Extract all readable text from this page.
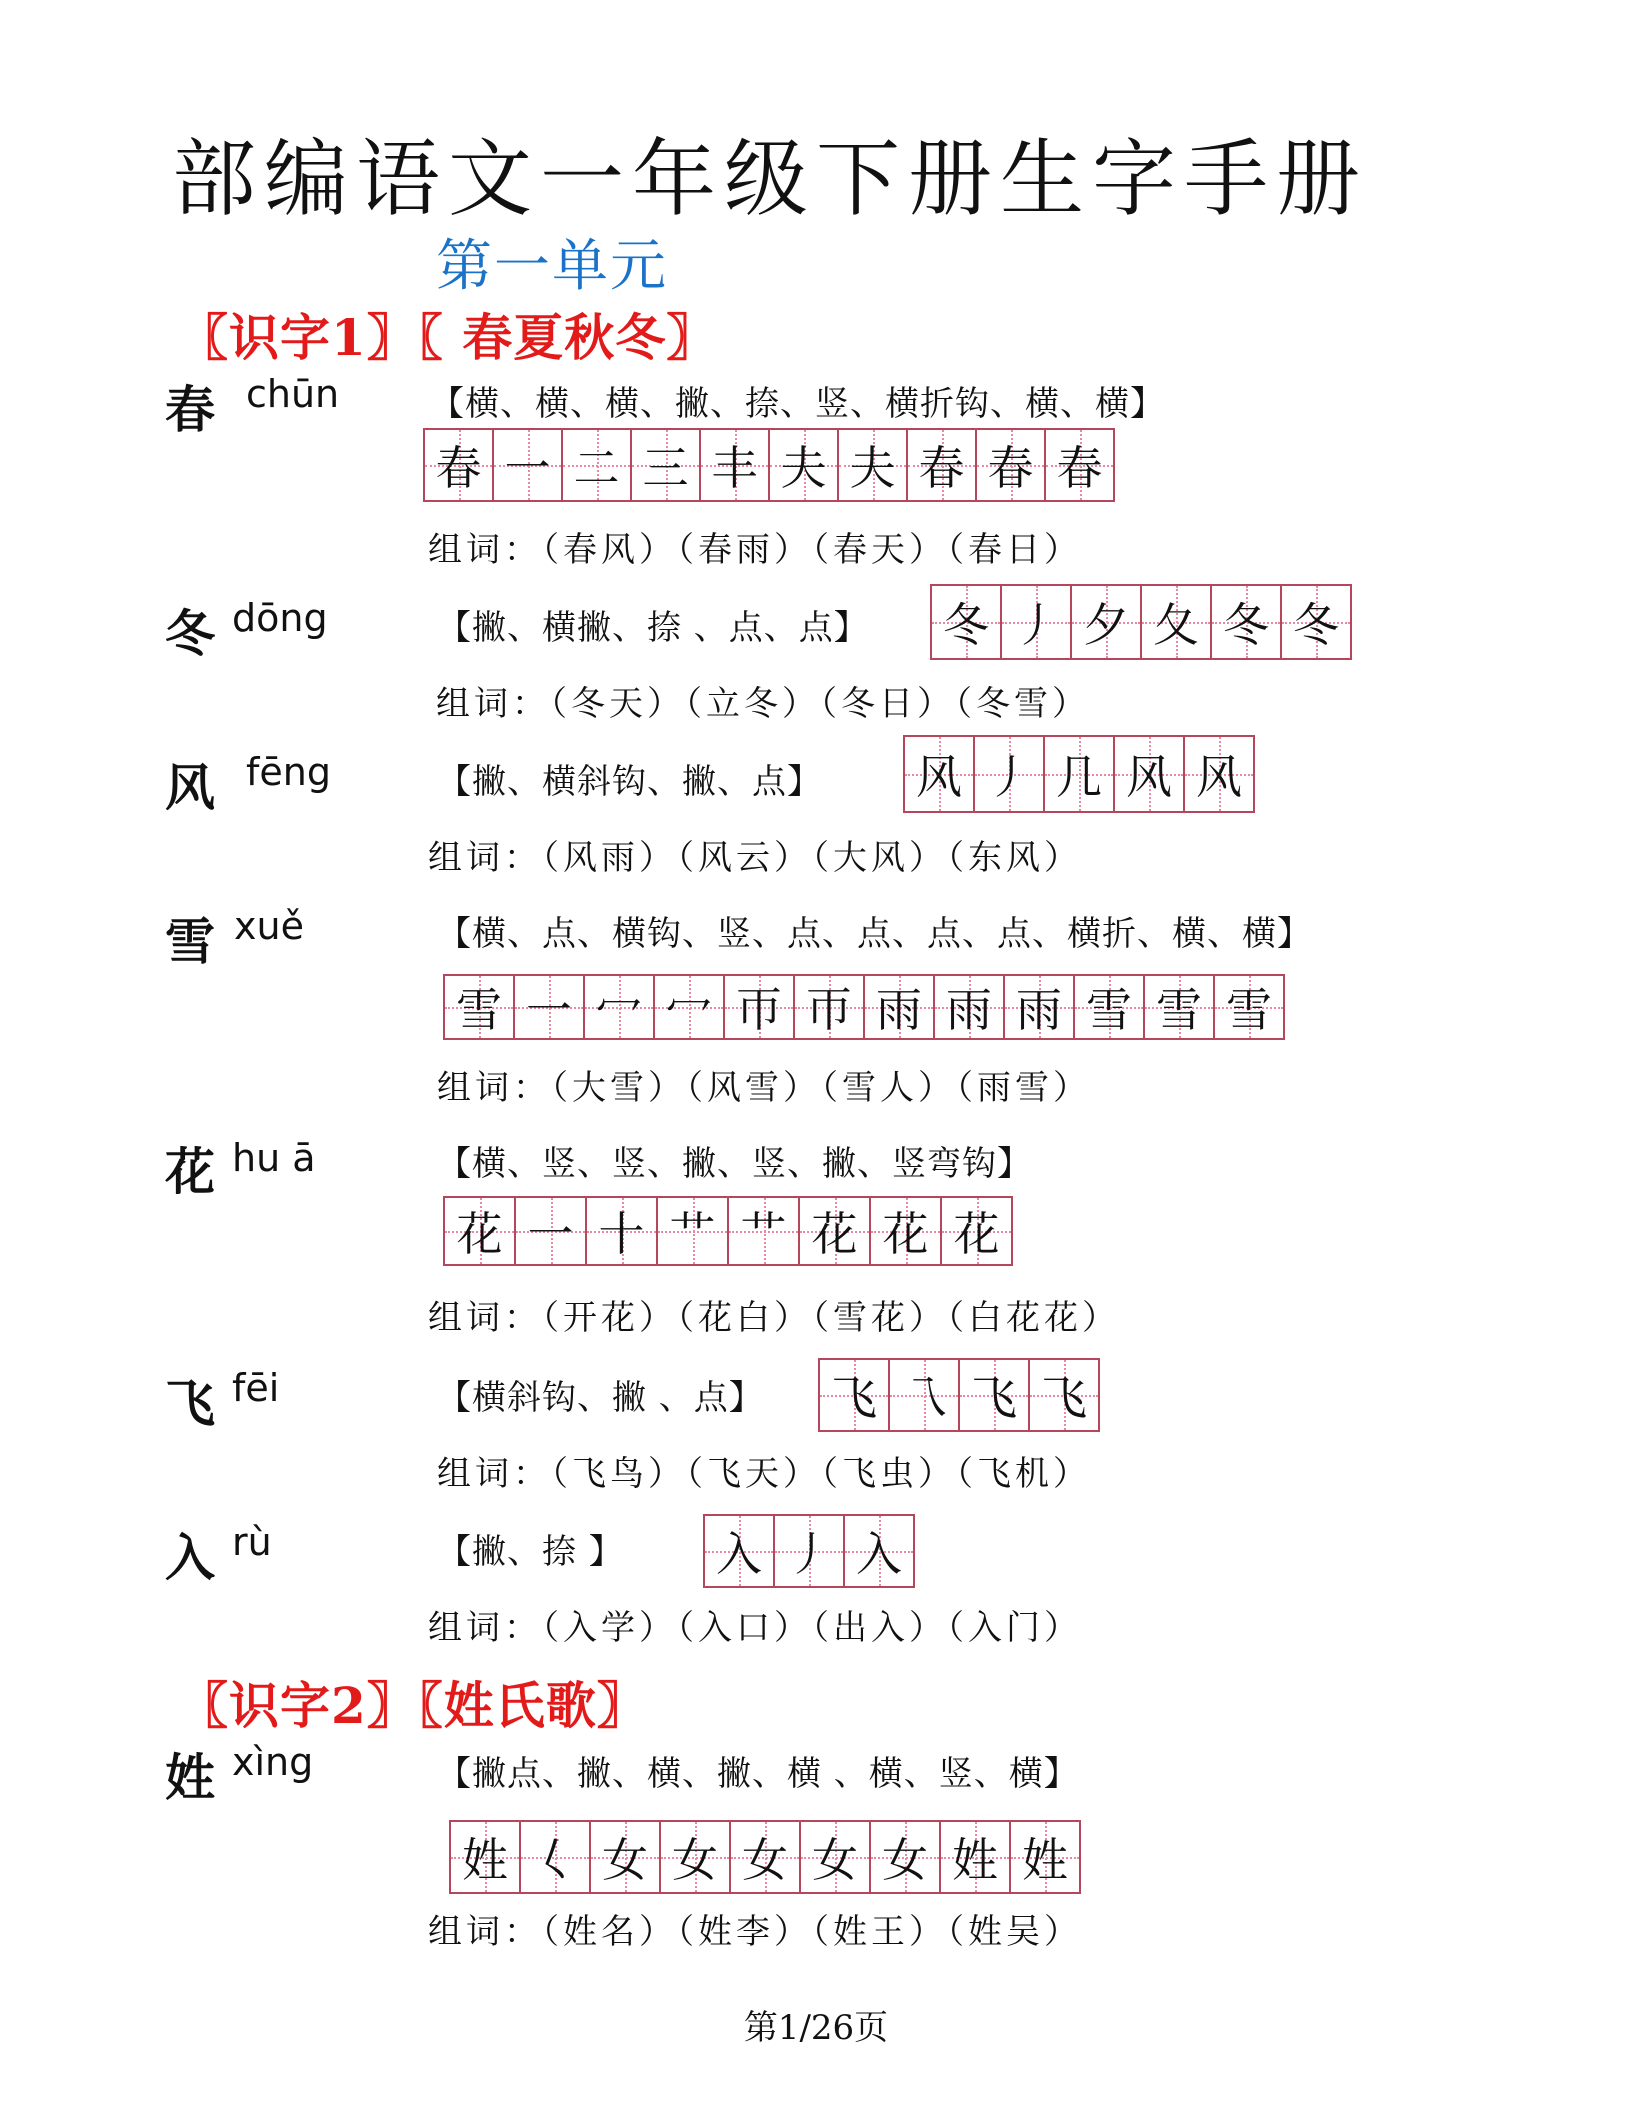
部编语文一年级下册生字手册
第一单元
〖识字1〗〖 春夏秋冬〗
春 chūn	【横、横、横、撇、捺、竖、横折钩、横、横】
春 一 二 三 丰 夫 夫 春 春 春
组词：（春风）（春雨）（春天）（春日）
冬 dōng	【撇、横撇、捺 、点、点】 冬 丿 夕 夂 冬 冬
组词：（冬天）（立冬）（冬日）（冬雪）
风 fēng	【撇、横斜钩、撇、点】 风 丿 几 风 风
组词：（风雨）（风云）（大风）（东风）
雪 xuě	【横、点、横钩、竖、点、点、点、点、横折、横、横】
雪 一 冖 冖 帀 帀 雨 雨 雨 雪 雪 雪
组词：（大雪）（风雪）（雪人）（雨雪）
花 hu ā	【横、竖、竖、撇、竖、撇、竖弯钩】
花 一 十 艹 艹 花 花 花
组词：（开花）（花白）（雪花）（白花花）
飞 fēi	【横斜钩、撇 、点】 飞 乁 飞 飞
组词：（飞鸟）（飞天）（飞虫）（飞机）
入 rù	【撇、捺 】 入 丿 入
组词：（入学）（入口）（出入）（入门）
〖识字2〗〖姓氏歌〗
姓 xìng	【撇点、撇、横、撇、横 、横、竖、横】
姓 𡿨 女 女 女 女 女 姓 姓
组词：（姓名）（姓李）（姓王）（姓吴）
第1/26页
